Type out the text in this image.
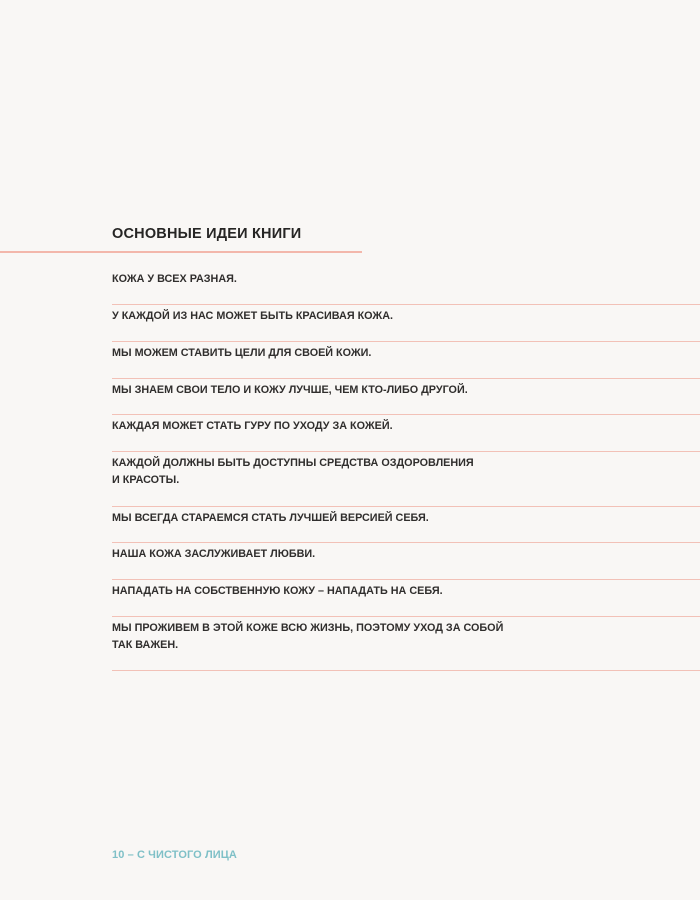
ОСНОВНЫЕ ИДЕИ КНИГИ
КОЖА У ВСЕХ РАЗНАЯ.
У КАЖДОЙ ИЗ НАС МОЖЕТ БЫТЬ КРАСИВАЯ КОЖА.
МЫ МОЖЕМ СТАВИТЬ ЦЕЛИ ДЛЯ СВОЕЙ КОЖИ.
МЫ ЗНАЕМ СВОИ ТЕЛО И КОЖУ ЛУЧШЕ, ЧЕМ КТО-ЛИБО ДРУГОЙ.
КАЖДАЯ МОЖЕТ СТАТЬ ГУРУ ПО УХОДУ ЗА КОЖЕЙ.
КАЖДОЙ ДОЛЖНЫ БЫТЬ ДОСТУПНЫ СРЕДСТВА ОЗДОРОВЛЕНИЯ
И КРАСОТЫ.
МЫ ВСЕГДА СТАРАЕМСЯ СТАТЬ ЛУЧШЕЙ ВЕРСИЕЙ СЕБЯ.
НАША КОЖА ЗАСЛУЖИВАЕТ ЛЮБВИ.
НАПАДАТЬ НА СОБСТВЕННУЮ КОЖУ – НАПАДАТЬ НА СЕБЯ.
МЫ ПРОЖИВЕМ В ЭТОЙ КОЖЕ ВСЮ ЖИЗНЬ, ПОЭТОМУ УХОД ЗА СОБОЙ
ТАК ВАЖЕН.
10 – С ЧИСТОГО ЛИЦА
